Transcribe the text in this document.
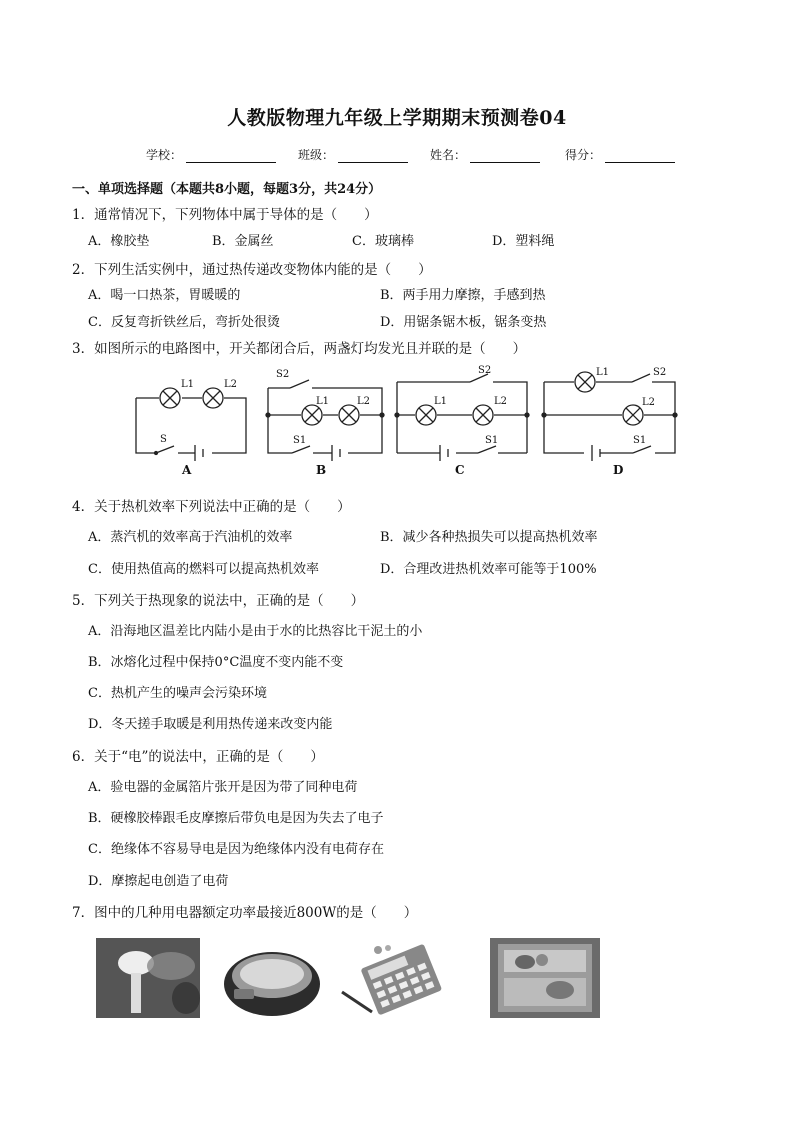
人教版物理九年级上学期期末预测卷04
学校：	班级：	姓名：	得分：
一、单项选择题（本题共8小题，每题3分，共24分）
1．通常情况下，下列物体中属于导体的是（　　）
A．橡胶垫	B．金属丝	C．玻璃棒	D．塑料绳
2．下列生活实例中，通过热传递改变物体内能的是（　　）
A．喝一口热茶，胃暖暖的	B．两手用力摩擦，手感到热
C．反复弯折铁丝后，弯折处很烫	D．用锯条锯木板，锯条变热
3．如图所示的电路图中，开关都闭合后，两盏灯均发光且并联的是（　　）
L1	L2
S
S2
L1	L2
S1
S2
L1	L2
S1
L1	S2
L2
S1
A	B	C	D
4．关于热机效率下列说法中正确的是（　　）
A．蒸汽机的效率高于汽油机的效率	B．减少各种热损失可以提高热机效率
C．使用热值高的燃料可以提高热机效率	D．合理改进热机效率可能等于100%
5．下列关于热现象的说法中，正确的是（　　）
A．沿海地区温差比内陆小是由于水的比热容比干泥土的小
B．冰熔化过程中保持0°C温度不变内能不变
C．热机产生的噪声会污染环境
D．冬天搓手取暖是利用热传递来改变内能
6．关于“电”的说法中，正确的是（　　）
A．验电器的金属箔片张开是因为带了同种电荷
B．硬橡胶棒跟毛皮摩擦后带负电是因为失去了电子
C．绝缘体不容易导电是因为绝缘体内没有电荷存在
D．摩擦起电创造了电荷
7．图中的几种用电器额定功率最接近800W的是（　　）
